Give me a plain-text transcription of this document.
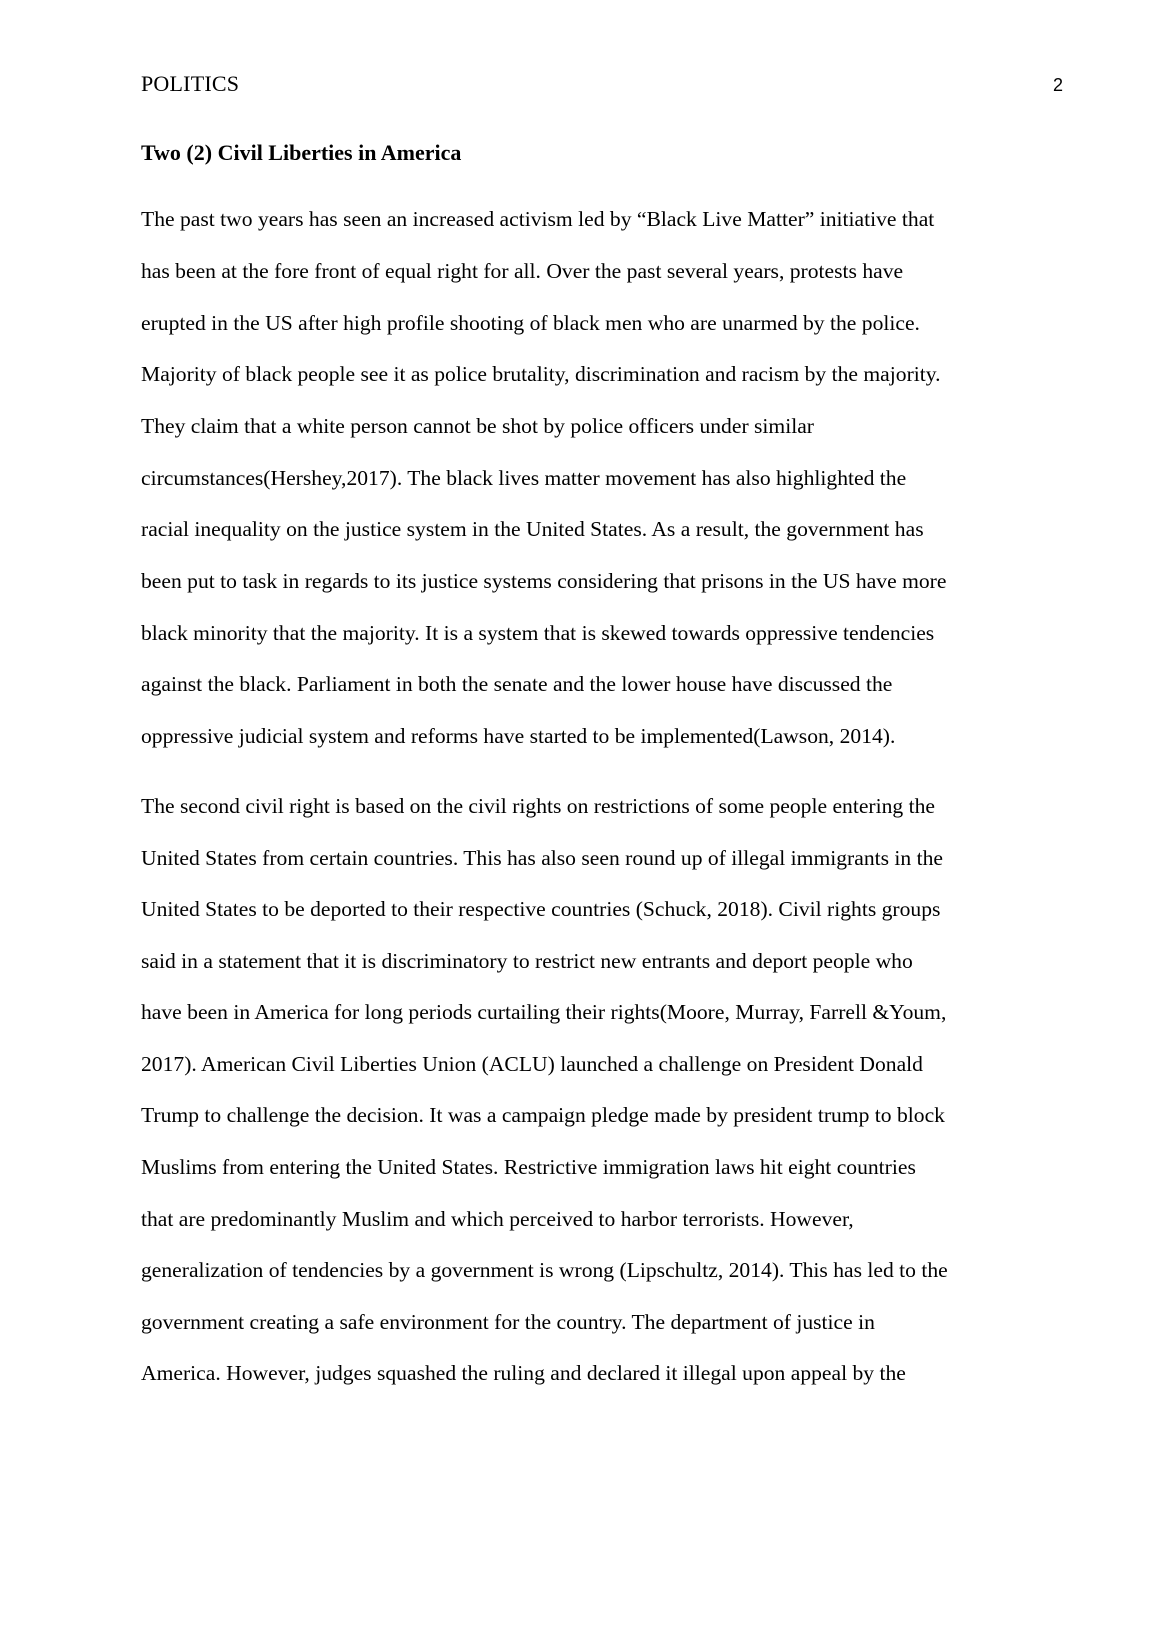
POLITICS	2
Two (2) Civil Liberties in America

The past two years has seen an increased activism led by “Black Live Matter” initiative that

has been at the fore front of equal right for all. Over the past several years, protests have

erupted in the US after high profile shooting of black men who are unarmed by the police.

Majority of black people see it as police brutality, discrimination and racism by the majority.

They claim that a white person cannot be shot by police officers under similar

circumstances(Hershey,2017). The black lives matter movement has also highlighted the

racial inequality on the justice system in the United States. As a result, the government has

been put to task in regards to its justice systems considering that prisons in the US have more

black minority that the majority. It is a system that is skewed towards oppressive tendencies

against the black. Parliament in both the senate and the lower house have discussed the

oppressive judicial system and reforms have started to be implemented(Lawson, 2014).

The second civil right is based on the civil rights on restrictions of some people entering the

United States from certain countries. This has also seen round up of illegal immigrants in the

United States to be deported to their respective countries (Schuck, 2018). Civil rights groups

said in a statement that it is discriminatory to restrict new entrants and deport people who

have been in America for long periods curtailing their rights(Moore, Murray, Farrell &Youm,

2017). American Civil Liberties Union (ACLU) launched a challenge on President Donald

Trump to challenge the decision. It was a campaign pledge made by president trump to block

Muslims from entering the United States. Restrictive immigration laws hit eight countries

that are predominantly Muslim and which perceived to harbor terrorists. However,

generalization of tendencies by a government is wrong (Lipschultz, 2014). This has led to the

government creating a safe environment for the country. The department of justice in

America. However, judges squashed the ruling and declared it illegal upon appeal by the
